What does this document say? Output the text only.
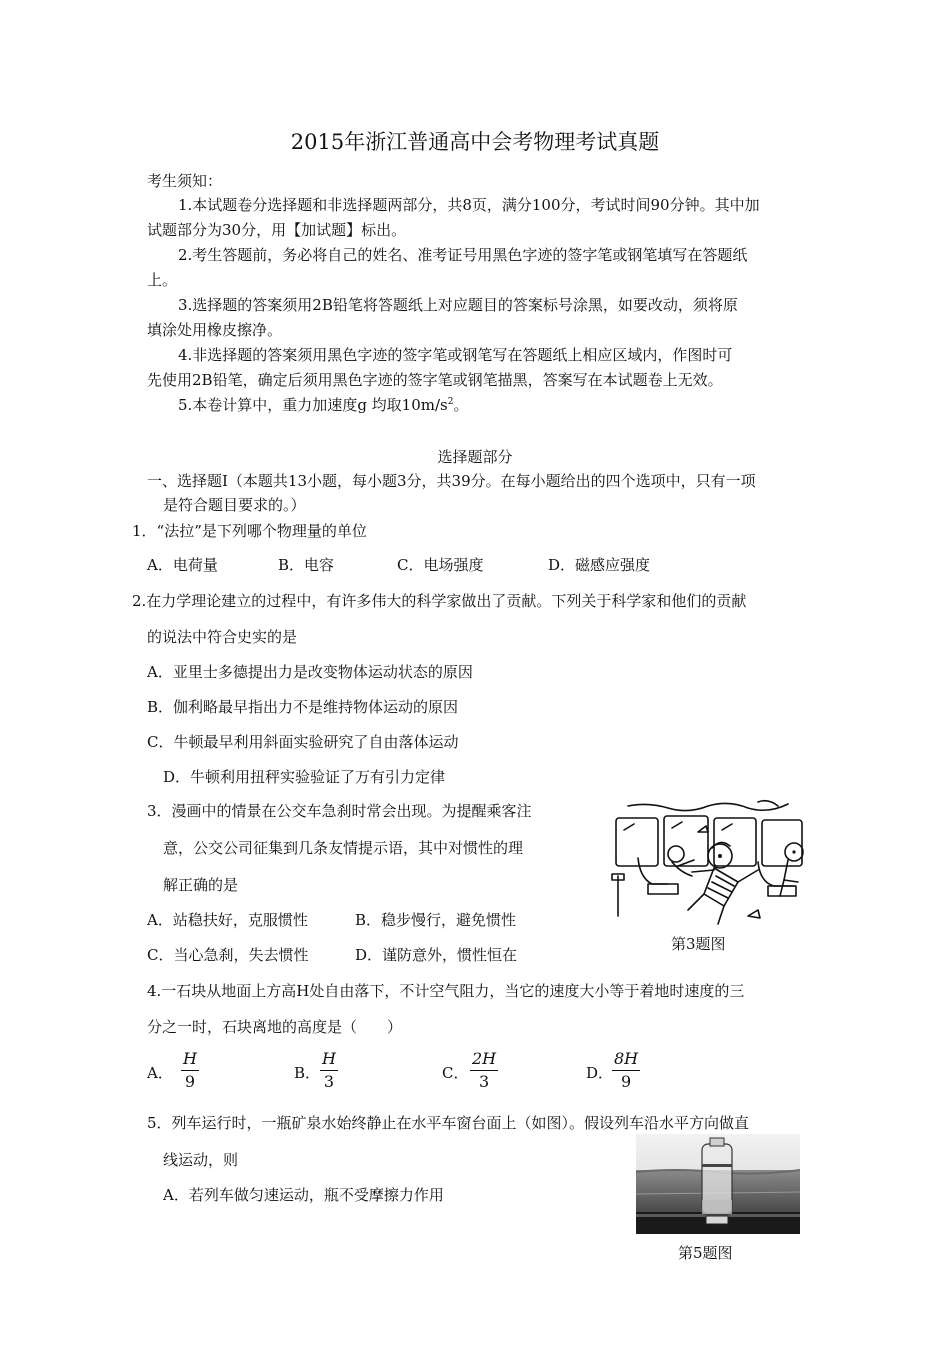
2015年浙江普通高中会考物理考试真题
考生须知：
1.本试题卷分选择题和非选择题两部分，共8页，满分100分，考试时间90分钟。其中加
试题部分为30分，用【加试题】标出。
2.考生答题前，务必将自己的姓名、准考证号用黑色字迹的签字笔或钢笔填写在答题纸
上。
3.选择题的答案须用2B铅笔将答题纸上对应题目的答案标号涂黑，如要改动，须将原
填涂处用橡皮擦净。
4.非选择题的答案须用黑色字迹的签字笔或钢笔写在答题纸上相应区域内，作图时可
先使用2B铅笔，确定后须用黑色字迹的签字笔或钢笔描黑，答案写在本试题卷上无效。
5.本卷计算中，重力加速度g 均取$10m/s^2$。
选择题部分
一、选择题Ⅰ（本题共13小题，每小题3分，共39分。在每小题给出的四个选项中，只有一项
是符合题目要求的。）
1．“法拉”是下列哪个物理量的单位
A．电荷量	B．电容	C．电场强度	D．磁感应强度
2.在力学理论建立的过程中，有许多伟大的科学家做出了贡献。下列关于科学家和他们的贡献
的说法中符合史实的是
A．亚里士多德提出力是改变物体运动状态的原因
B．伽利略最早指出力不是维持物体运动的原因
C．牛顿最早利用斜面实验研究了自由落体运动
D．牛顿利用扭秤实验验证了万有引力定律
3．漫画中的情景在公交车急刹时常会出现。为提醒乘客注
意，公交公司征集到几条友情提示语，其中对惯性的理
解正确的是
A．站稳扶好，克服惯性	B．稳步慢行，避免惯性
C．当心急刹，失去惯性	D．谨防意外，惯性恒在
第3题图
4.一石块从地面上方高H处自由落下，不计空气阻力，当它的速度大小等于着地时速度的三
分之一时，石块离地的高度是（　　）
A． $\frac{H}{9}$	B． $\frac{H}{3}$	C． $\frac{2H}{3}$	D．
$\frac{8H}{9}$
5．列车运行时，一瓶矿泉水始终静止在水平车窗台面上（如图）。假设列车沿水平方向做直
线运动，则
A．若列车做匀速运动，瓶不受摩擦力作用
第5题图
